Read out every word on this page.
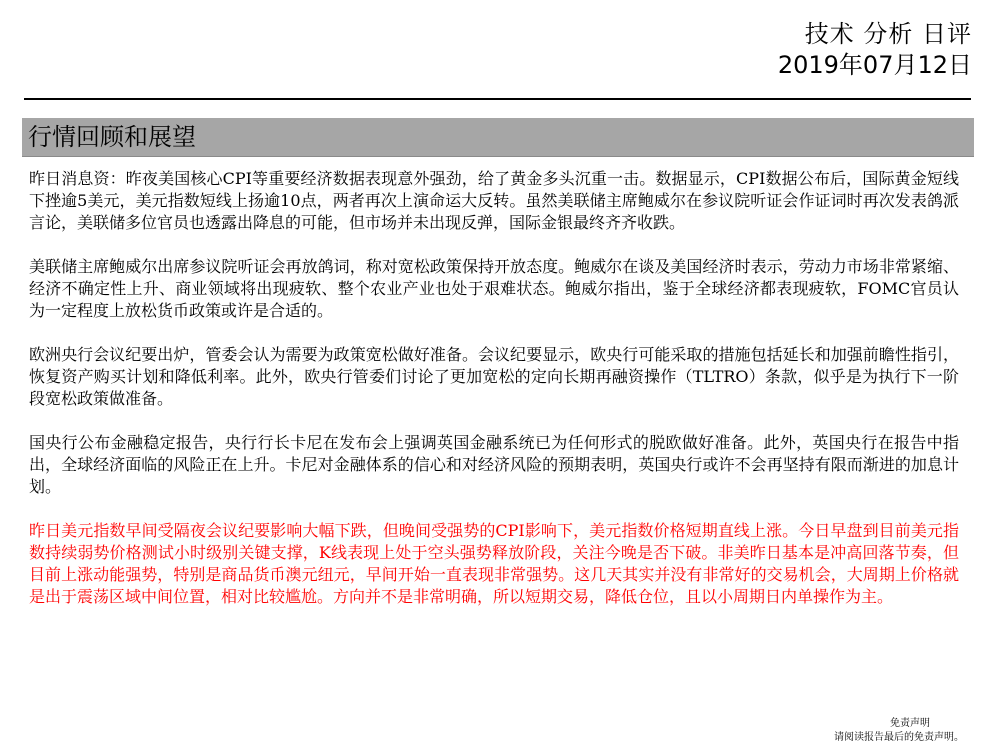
技术 分析 日评
2019年07月12日
行情回顾和展望

昨日消息资：昨夜美国核心CPI等重要经济数据表现意外强劲，给了黄金多头沉重一击。数据显示，CPI数据公布后，国际黄金短线下挫逾5美元，美元指数短线上扬逾10点，两者再次上演命运大反转。虽然美联储主席鲍威尔在参议院听证会作证词时再次发表鸽派言论，美联储多位官员也透露出降息的可能，但市场并未出现反弹，国际金银最终齐齐收跌。

美联储主席鲍威尔出席参议院听证会再放鸽词，称对宽松政策保持开放态度。鲍威尔在谈及美国经济时表示，劳动力市场非常紧缩、经济不确定性上升、商业领域将出现疲软、整个农业产业也处于艰难状态。鲍威尔指出，鉴于全球经济都表现疲软，FOMC官员认为一定程度上放松货币政策或许是合适的。

欧洲央行会议纪要出炉，管委会认为需要为政策宽松做好准备。会议纪要显示，欧央行可能采取的措施包括延长和加强前瞻性指引，恢复资产购买计划和降低利率。此外，欧央行管委们讨论了更加宽松的定向长期再融资操作（TLTRO）条款，似乎是为执行下一阶段宽松政策做准备。

国央行公布金融稳定报告，央行行长卡尼在发布会上强调英国金融系统已为任何形式的脱欧做好准备。此外，英国央行在报告中指出，全球经济面临的风险正在上升。卡尼对金融体系的信心和对经济风险的预期表明，英国央行或许不会再坚持有限而渐进的加息计划。

昨日美元指数早间受隔夜会议纪要影响大幅下跌，但晚间受强势的CPI影响下，美元指数价格短期直线上涨。今日早盘到目前美元指数持续弱势价格测试小时级别关键支撑，K线表现上处于空头强势释放阶段，关注今晚是否下破。非美昨日基本是冲高回落节奏，但目前上涨动能强势，特别是商品货币澳元纽元，早间开始一直表现非常强势。这几天其实并没有非常好的交易机会，大周期上价格就是出于震荡区域中间位置，相对比较尴尬。方向并不是非常明确，所以短期交易，降低仓位，且以小周期日内单操作为主。

免责声明
请阅读报告最后的免责声明。
